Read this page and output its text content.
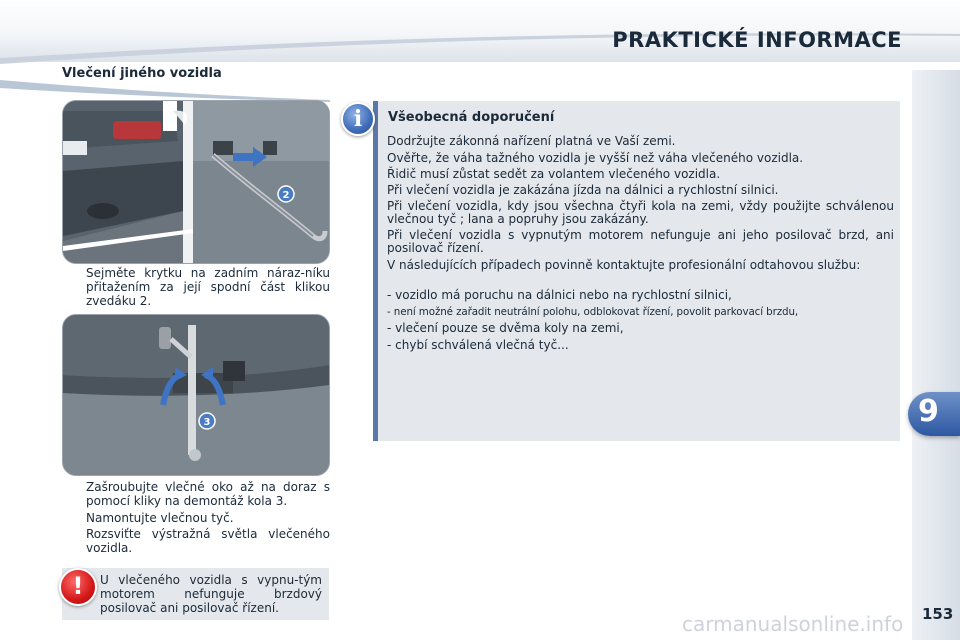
PRAKTICKÉ INFORMACE
9
Vlečení jiného vozidla
2
Sejměte krytku na zadním náraz-níku přitažením za její spodní část klikou zvedáku 2.
3
Zašroubujte vlečné oko až na doraz s pomocí kliky na demontáž kola 3.
Namontujte vlečnou tyč.
Rozsviťte výstražná světla vlečeného vozidla.
!	U vlečeného vozidla s vypnu-tým motorem nefunguje brzdový posilovač ani posilovač řízení.
i	Všeobecná doporučení
Dodržujte zákonná nařízení platná ve Vaší zemi.
Ověřte, že váha tažného vozidla je vyšší než váha vlečeného vozidla.
Řidič musí zůstat sedět za volantem vlečeného vozidla.
Při vlečení vozidla je zakázána jízda na dálnici a rychlostní silnici.
Při vlečení vozidla, kdy jsou všechna čtyři kola na zemi, vždy použijte schválenou vlečnou tyč ; lana a popruhy jsou zakázány.
Při vlečení vozidla s vypnutým motorem nefunguje ani jeho posilovač brzd, ani posilovač řízení.
V následujících případech povinně kontaktujte profesionální odtahovou službu:
- vozidlo má poruchu na dálnici nebo na rychlostní silnici,
- není možné zařadit neutrální polohu, odblokovat řízení, povolit parkovací brzdu,
- vlečení pouze se dvěma koly na zemi,
- chybí schválená vlečná tyč...
carmanualsonline.info 153
